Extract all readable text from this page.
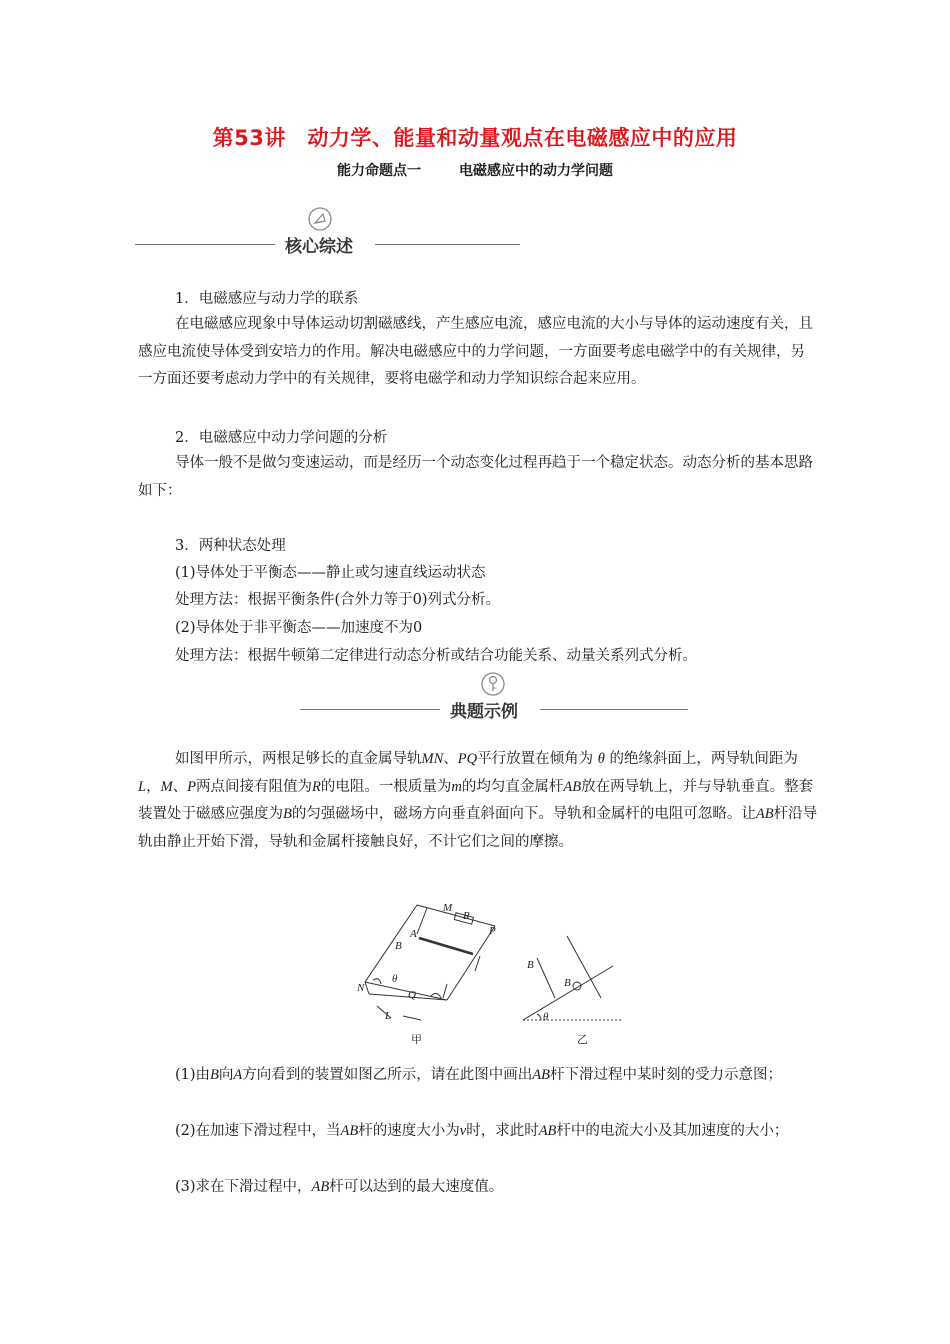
第53讲　动力学、能量和动量观点在电磁感应中的应用
能力命题点一	电磁感应中的动力学问题
核心综述
1．电磁感应与动力学的联系
在电磁感应现象中导体运动切割磁感线，产生感应电流，感应电流的大小与导体的运动速度有关，且感应电流使导体受到安培力的作用。解决电磁感应中的力学问题，一方面要考虑电磁学中的有关规律，另一方面还要考虑动力学中的有关规律，要将电磁学和动力学知识综合起来应用。
2．电磁感应中动力学问题的分析
导体一般不是做匀变速运动，而是经历一个动态变化过程再趋于一个稳定状态。动态分析的基本思路如下：
3．两种状态处理
(1)导体处于平衡态——静止或匀速直线运动状态
处理方法：根据平衡条件(合外力等于0)列式分析。
(2)导体处于非平衡态——加速度不为0
处理方法：根据牛顿第二定律进行动态分析或结合功能关系、动量关系列式分析。
典题示例
如图甲所示，两根足够长的直金属导轨MN、PQ平行放置在倾角为 θ 的绝缘斜面上，两导轨间距为L，M、P两点间接有阻值为R的电阻。一根质量为m的均匀直金属杆AB放在两导轨上，并与导轨垂直。整套装置处于磁感应强度为B的匀强磁场中，磁场方向垂直斜面向下。导轨和金属杆的电阻可忽略。让AB杆沿导轨由静止开始下滑，导轨和金属杆接触良好，不计它们之间的摩擦。
M
R
P
A
B
N
Q
L
θ
甲
B
B
θ
乙
(1)由B向A方向看到的装置如图乙所示，请在此图中画出AB杆下滑过程中某时刻的受力示意图；
(2)在加速下滑过程中，当AB杆的速度大小为v时，求此时AB杆中的电流大小及其加速度的大小；
(3)求在下滑过程中，AB杆可以达到的最大速度值。
